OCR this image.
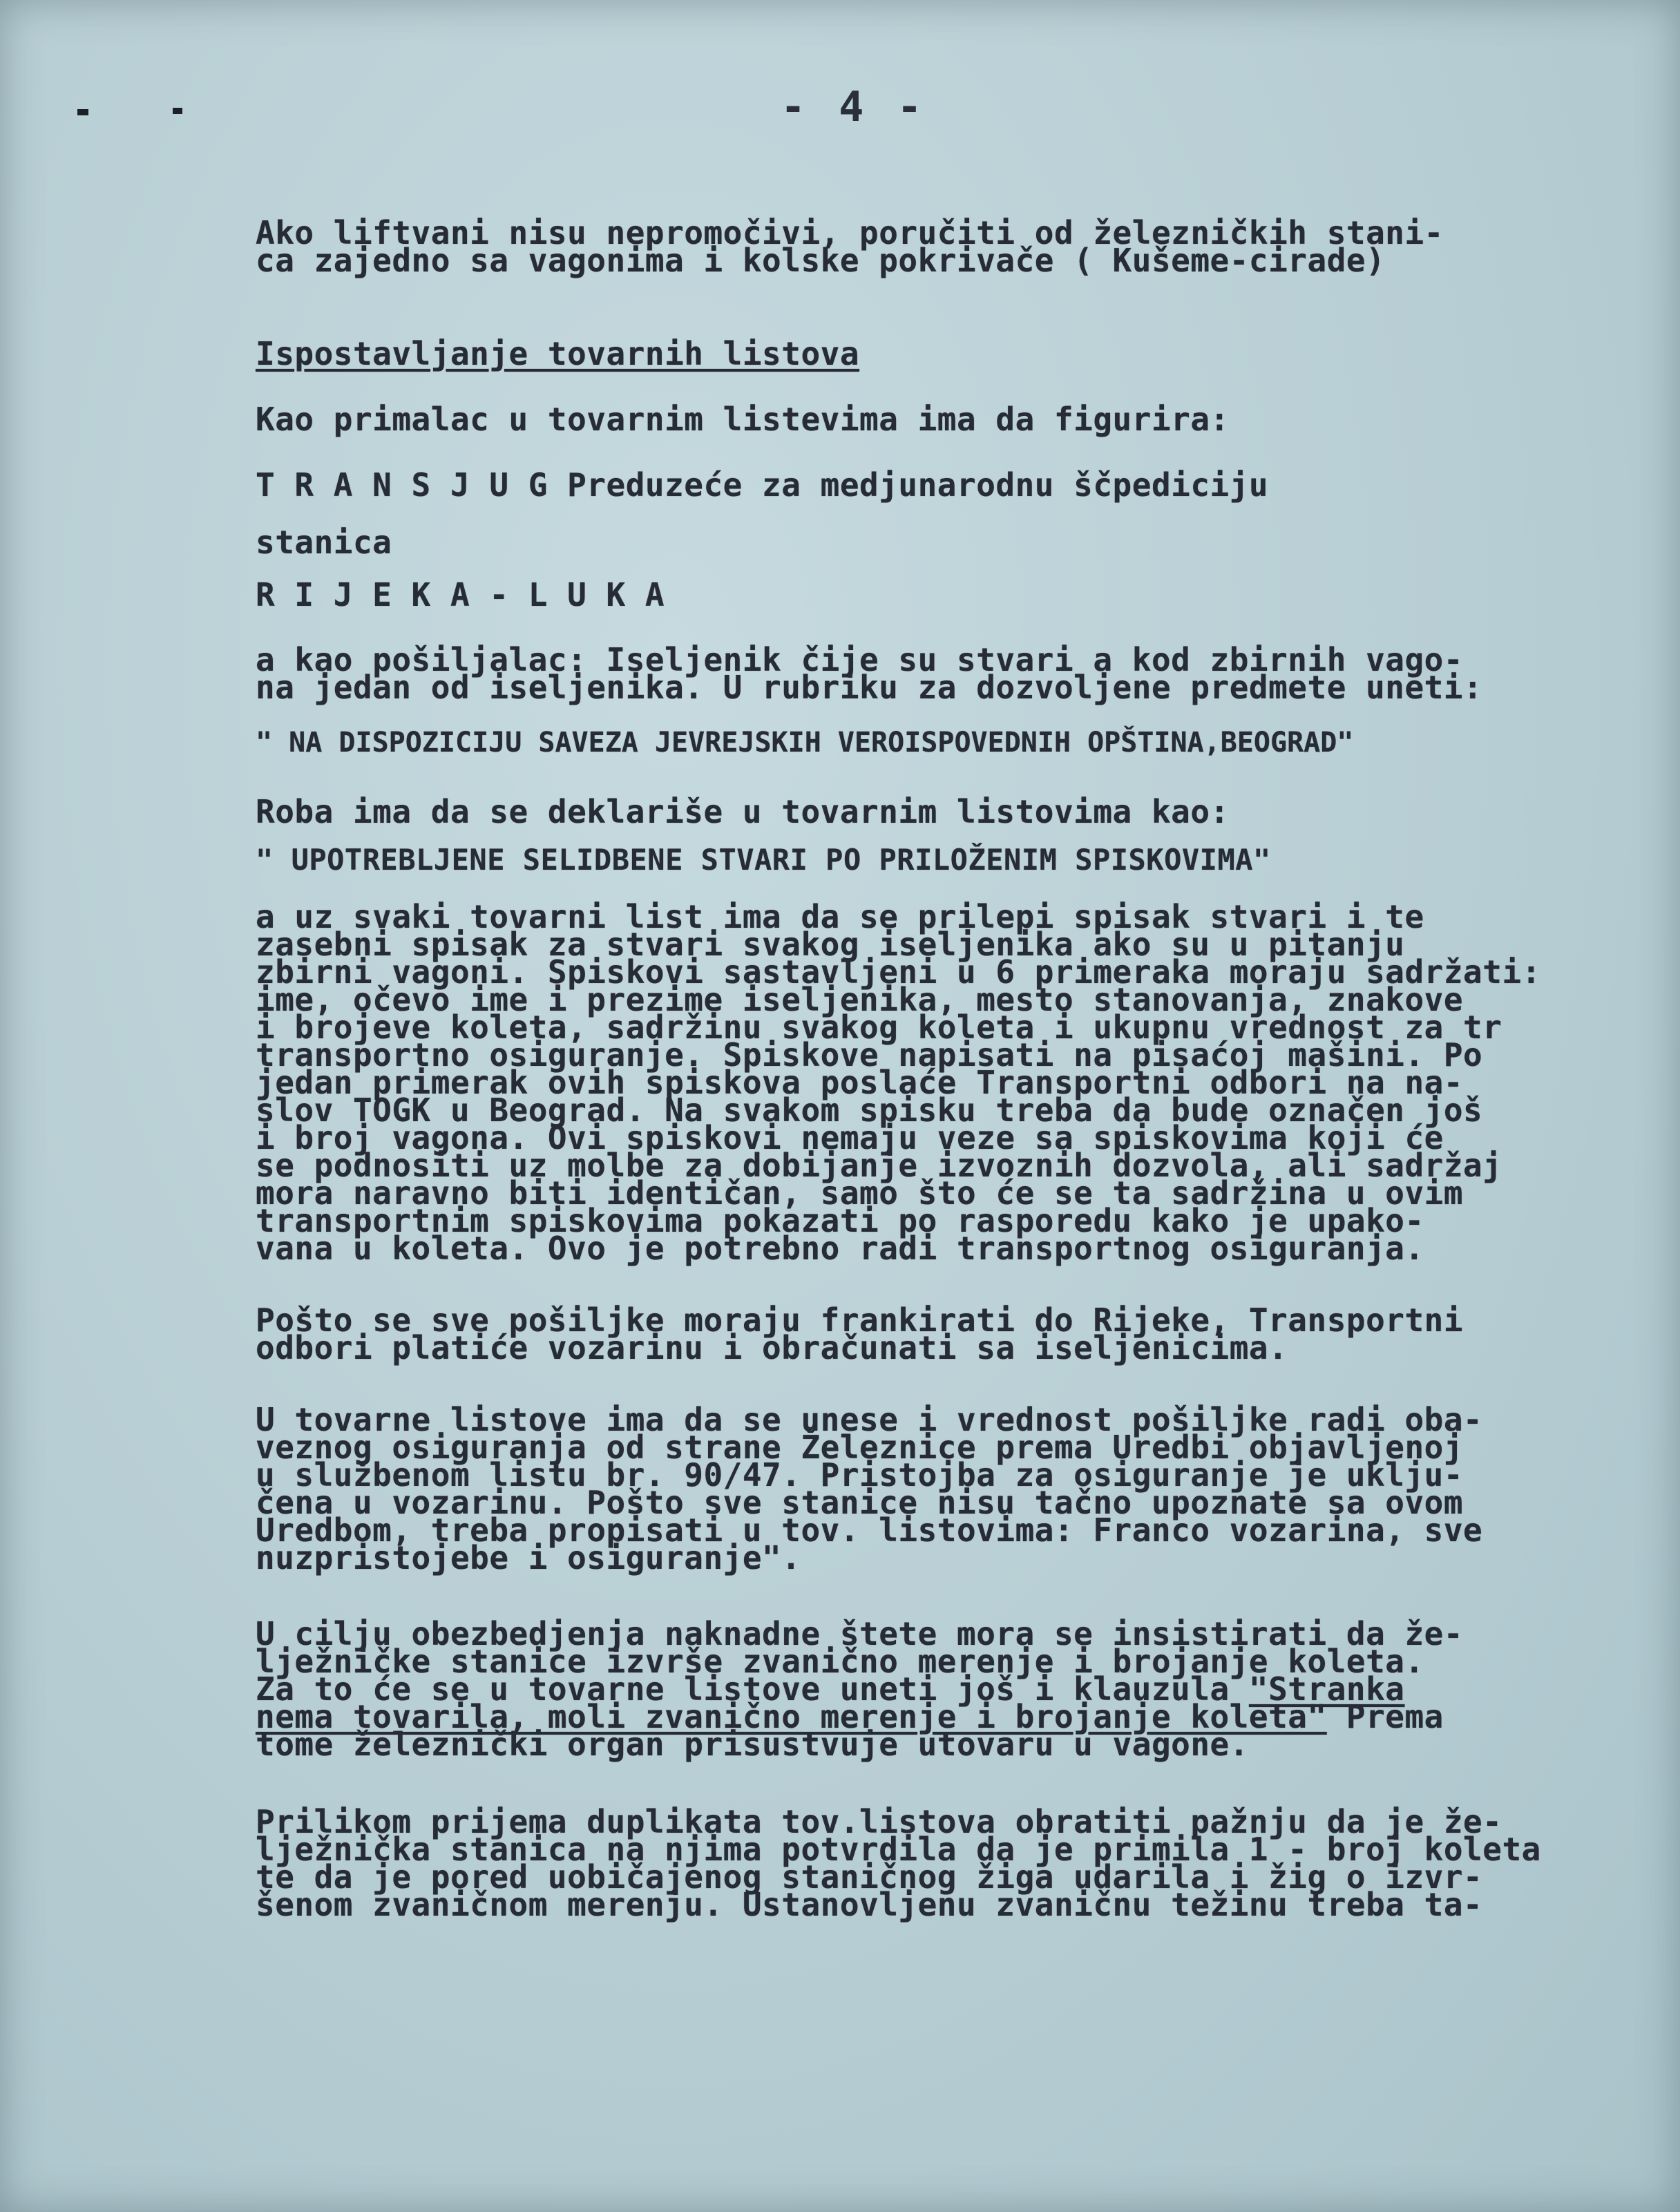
- 4 -
Ako liftvani nisu nepromočivi, poručiti od železničkih stani-
ca zajedno sa vagonima i kolske pokrivače ( Kušeme-cirade)
Ispostavljanje tovarnih listova
Kao primalac u tovarnim listevima ima da figurira:
T R A N S J U G Preduzeće za medjunarodnu ščpediciju
stanica
R I J E K A - L U K A
a kao pošiljalac: Iseljenik čije su stvari a kod zbirnih vago-
na jedan od iseljenika. U rubriku za dozvoljene predmete uneti:
" NA DISPOZICIJU SAVEZA JEVREJSKIH VEROISPOVEDNIH OPŠTINA,BEOGRAD"
Roba ima da se deklariše u tovarnim listovima kao:
" UPOTREBLJENE SELIDBENE STVARI PO PRILOŽENIM SPISKOVIMA"
a uz svaki tovarni list ima da se prilepi spisak stvari i te
zasebni spisak za stvari svakog iseljenika ako su u pitanju
zbirni vagoni. Spiskovi sastavljeni u 6 primeraka moraju sadržati:
ime, očevo ime i prezime iseljenika, mesto stanovanja, znakove
i brojeve koleta, sadržinu svakog koleta i ukupnu vrednost za tr
transportno osiguranje. Spiskove napisati na pisaćoj mašini. Po
jedan primerak ovih spiskova poslaće Transportni odbori na na-
slov TOGK u Beograd. Na svakom spisku treba da bude označen još
i broj vagona. Ovi spiskovi nemaju veze sa spiskovima koji će
se podnositi uz molbe za dobijanje izvoznih dozvola, ali sadržaj
mora naravno biti identičan, samo što će se ta sadržina u ovim
transportnim spiskovima pokazati po rasporedu kako je upako-
vana u koleta. Ovo je potrebno radi transportnog osiguranja.
Pošto se sve pošiljke moraju frankirati do Rijeke, Transportni
odbori platiće vozarinu i obračunati sa iseljenicima.
U tovarne listove ima da se unese i vrednost pošiljke radi oba-
veznog osiguranja od strane Železnice prema Uredbi objavljenoj
u službenom listu br. 90/47. Pristojba za osiguranje je uklju-
čena u vozarinu. Pošto sve stanice nisu tačno upoznate sa ovom
Uredbom, treba propisati u tov. listovima: Franco vozarina, sve
nuzpristojebe i osiguranje".
U cilju obezbedjenja naknadne štete mora se insistirati da že-
lježničke stanice izvrše zvanično merenje i brojanje koleta.
Za to će se u tovarne listove uneti još i klauzula "Stranka
nema tovarila, moli zvanično merenje i brojanje koleta" Prema
tome železnički organ prisustvuje utovaru u vagone.
Prilikom prijema duplikata tov.listova obratiti pažnju da je že-
lježnička stanica na njima potvrdila da je primila 1 - broj koleta
te da je pored uobičajenog staničnog žiga udarila i žig o izvr-
šenom zvaničnom merenju. Ustanovljenu zvaničnu težinu treba ta-
